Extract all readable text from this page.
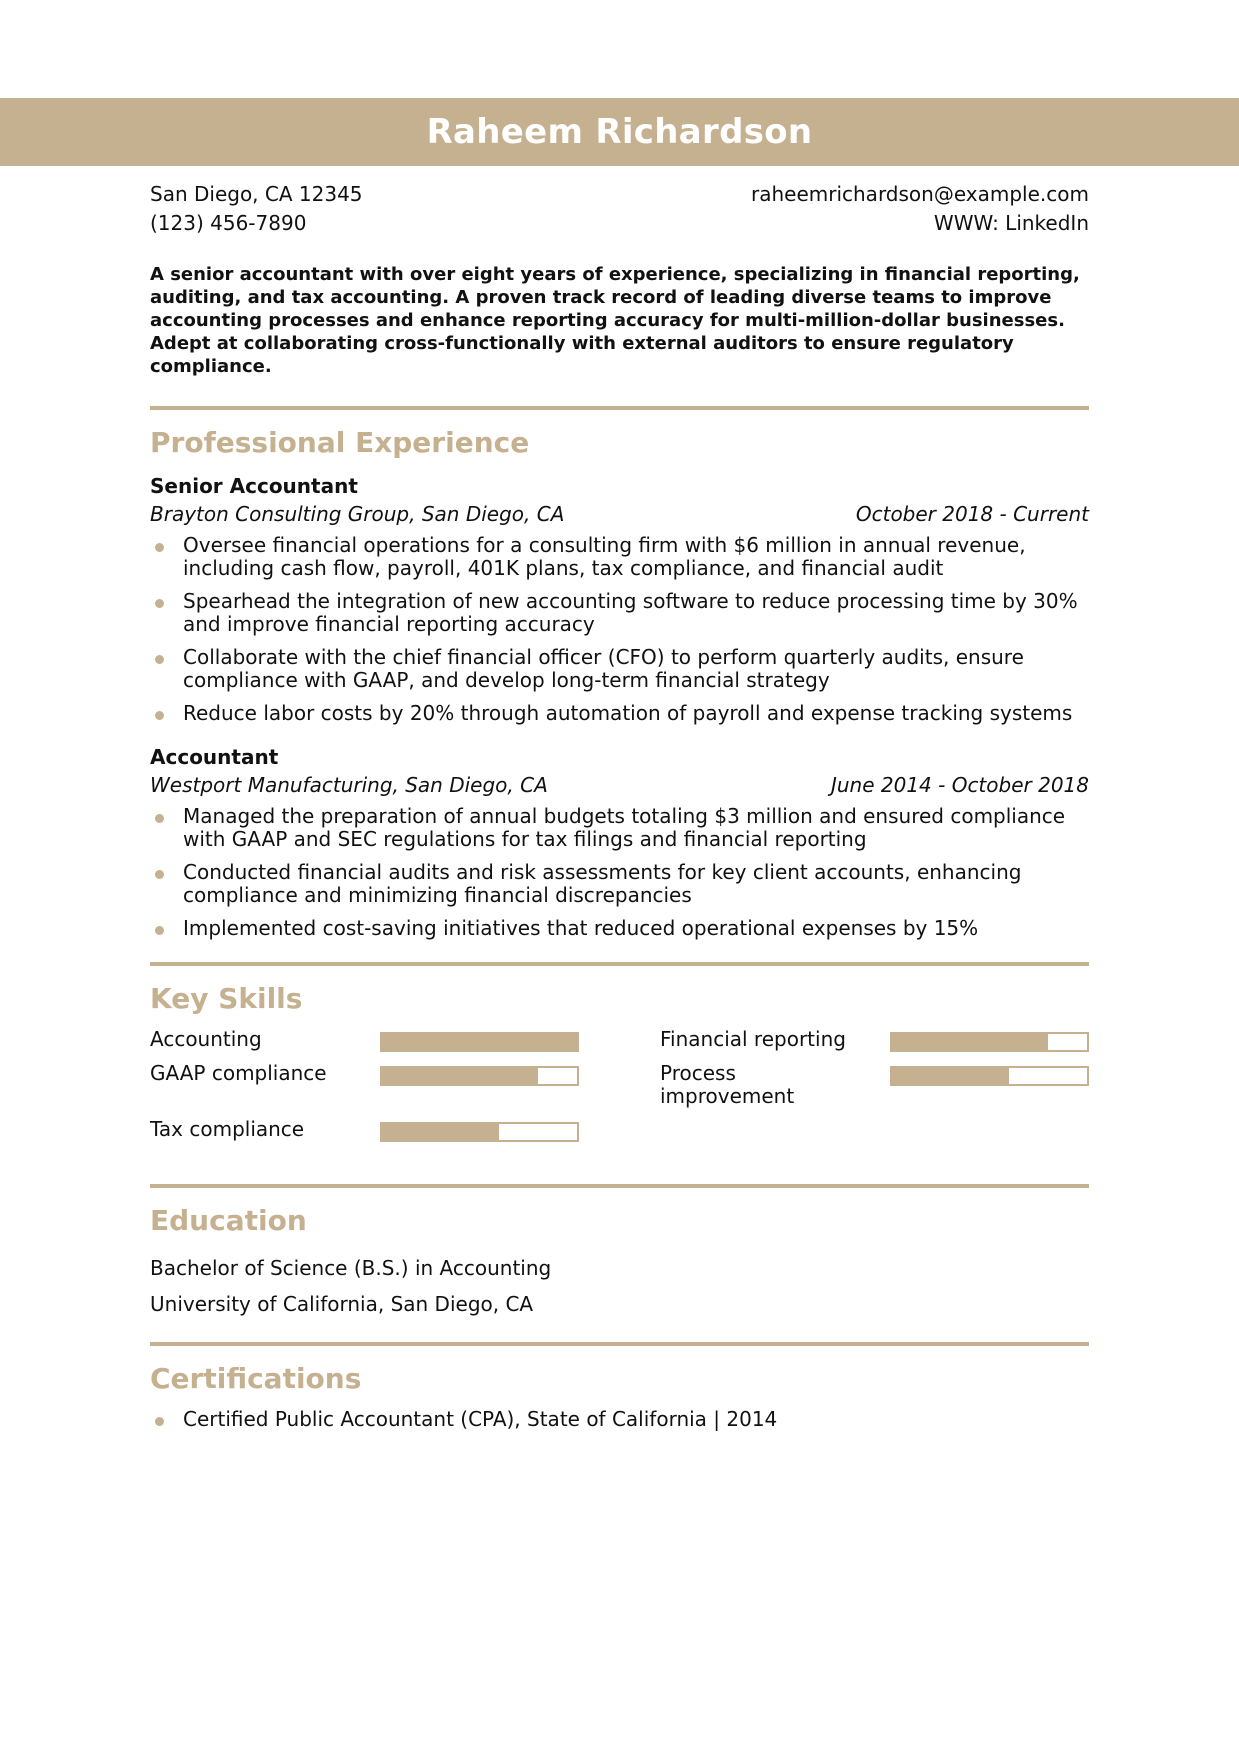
Raheem Richardson
San Diego, CA 12345
(123) 456-7890
raheemrichardson@example.com
WWW: LinkedIn
A senior accountant with over eight years of experience, specializing in financial reporting, auditing, and tax accounting. A proven track record of leading diverse teams to improve accounting processes and enhance reporting accuracy for multi-million-dollar businesses. Adept at collaborating cross-functionally with external auditors to ensure regulatory compliance.
Professional Experience
Senior Accountant
Brayton Consulting Group, San Diego, CA	October 2018 - Current
Oversee financial operations for a consulting firm with $6 million in annual revenue, including cash flow, payroll, 401K plans, tax compliance, and financial audit
Spearhead the integration of new accounting software to reduce processing time by 30% and improve financial reporting accuracy
Collaborate with the chief financial officer (CFO) to perform quarterly audits, ensure compliance with GAAP, and develop long-term financial strategy
Reduce labor costs by 20% through automation of payroll and expense tracking systems
Accountant
Westport Manufacturing, San Diego, CA	June 2014 - October 2018
Managed the preparation of annual budgets totaling $3 million and ensured compliance with GAAP and SEC regulations for tax filings and financial reporting
Conducted financial audits and risk assessments for key client accounts, enhancing compliance and minimizing financial discrepancies
Implemented cost-saving initiatives that reduced operational expenses by 15%
Key Skills
Accounting	Financial reporting
GAAP compliance	Process improvement
Tax compliance
Education
Bachelor of Science (B.S.) in Accounting
University of California, San Diego, CA
Certifications
Certified Public Accountant (CPA), State of California | 2014
